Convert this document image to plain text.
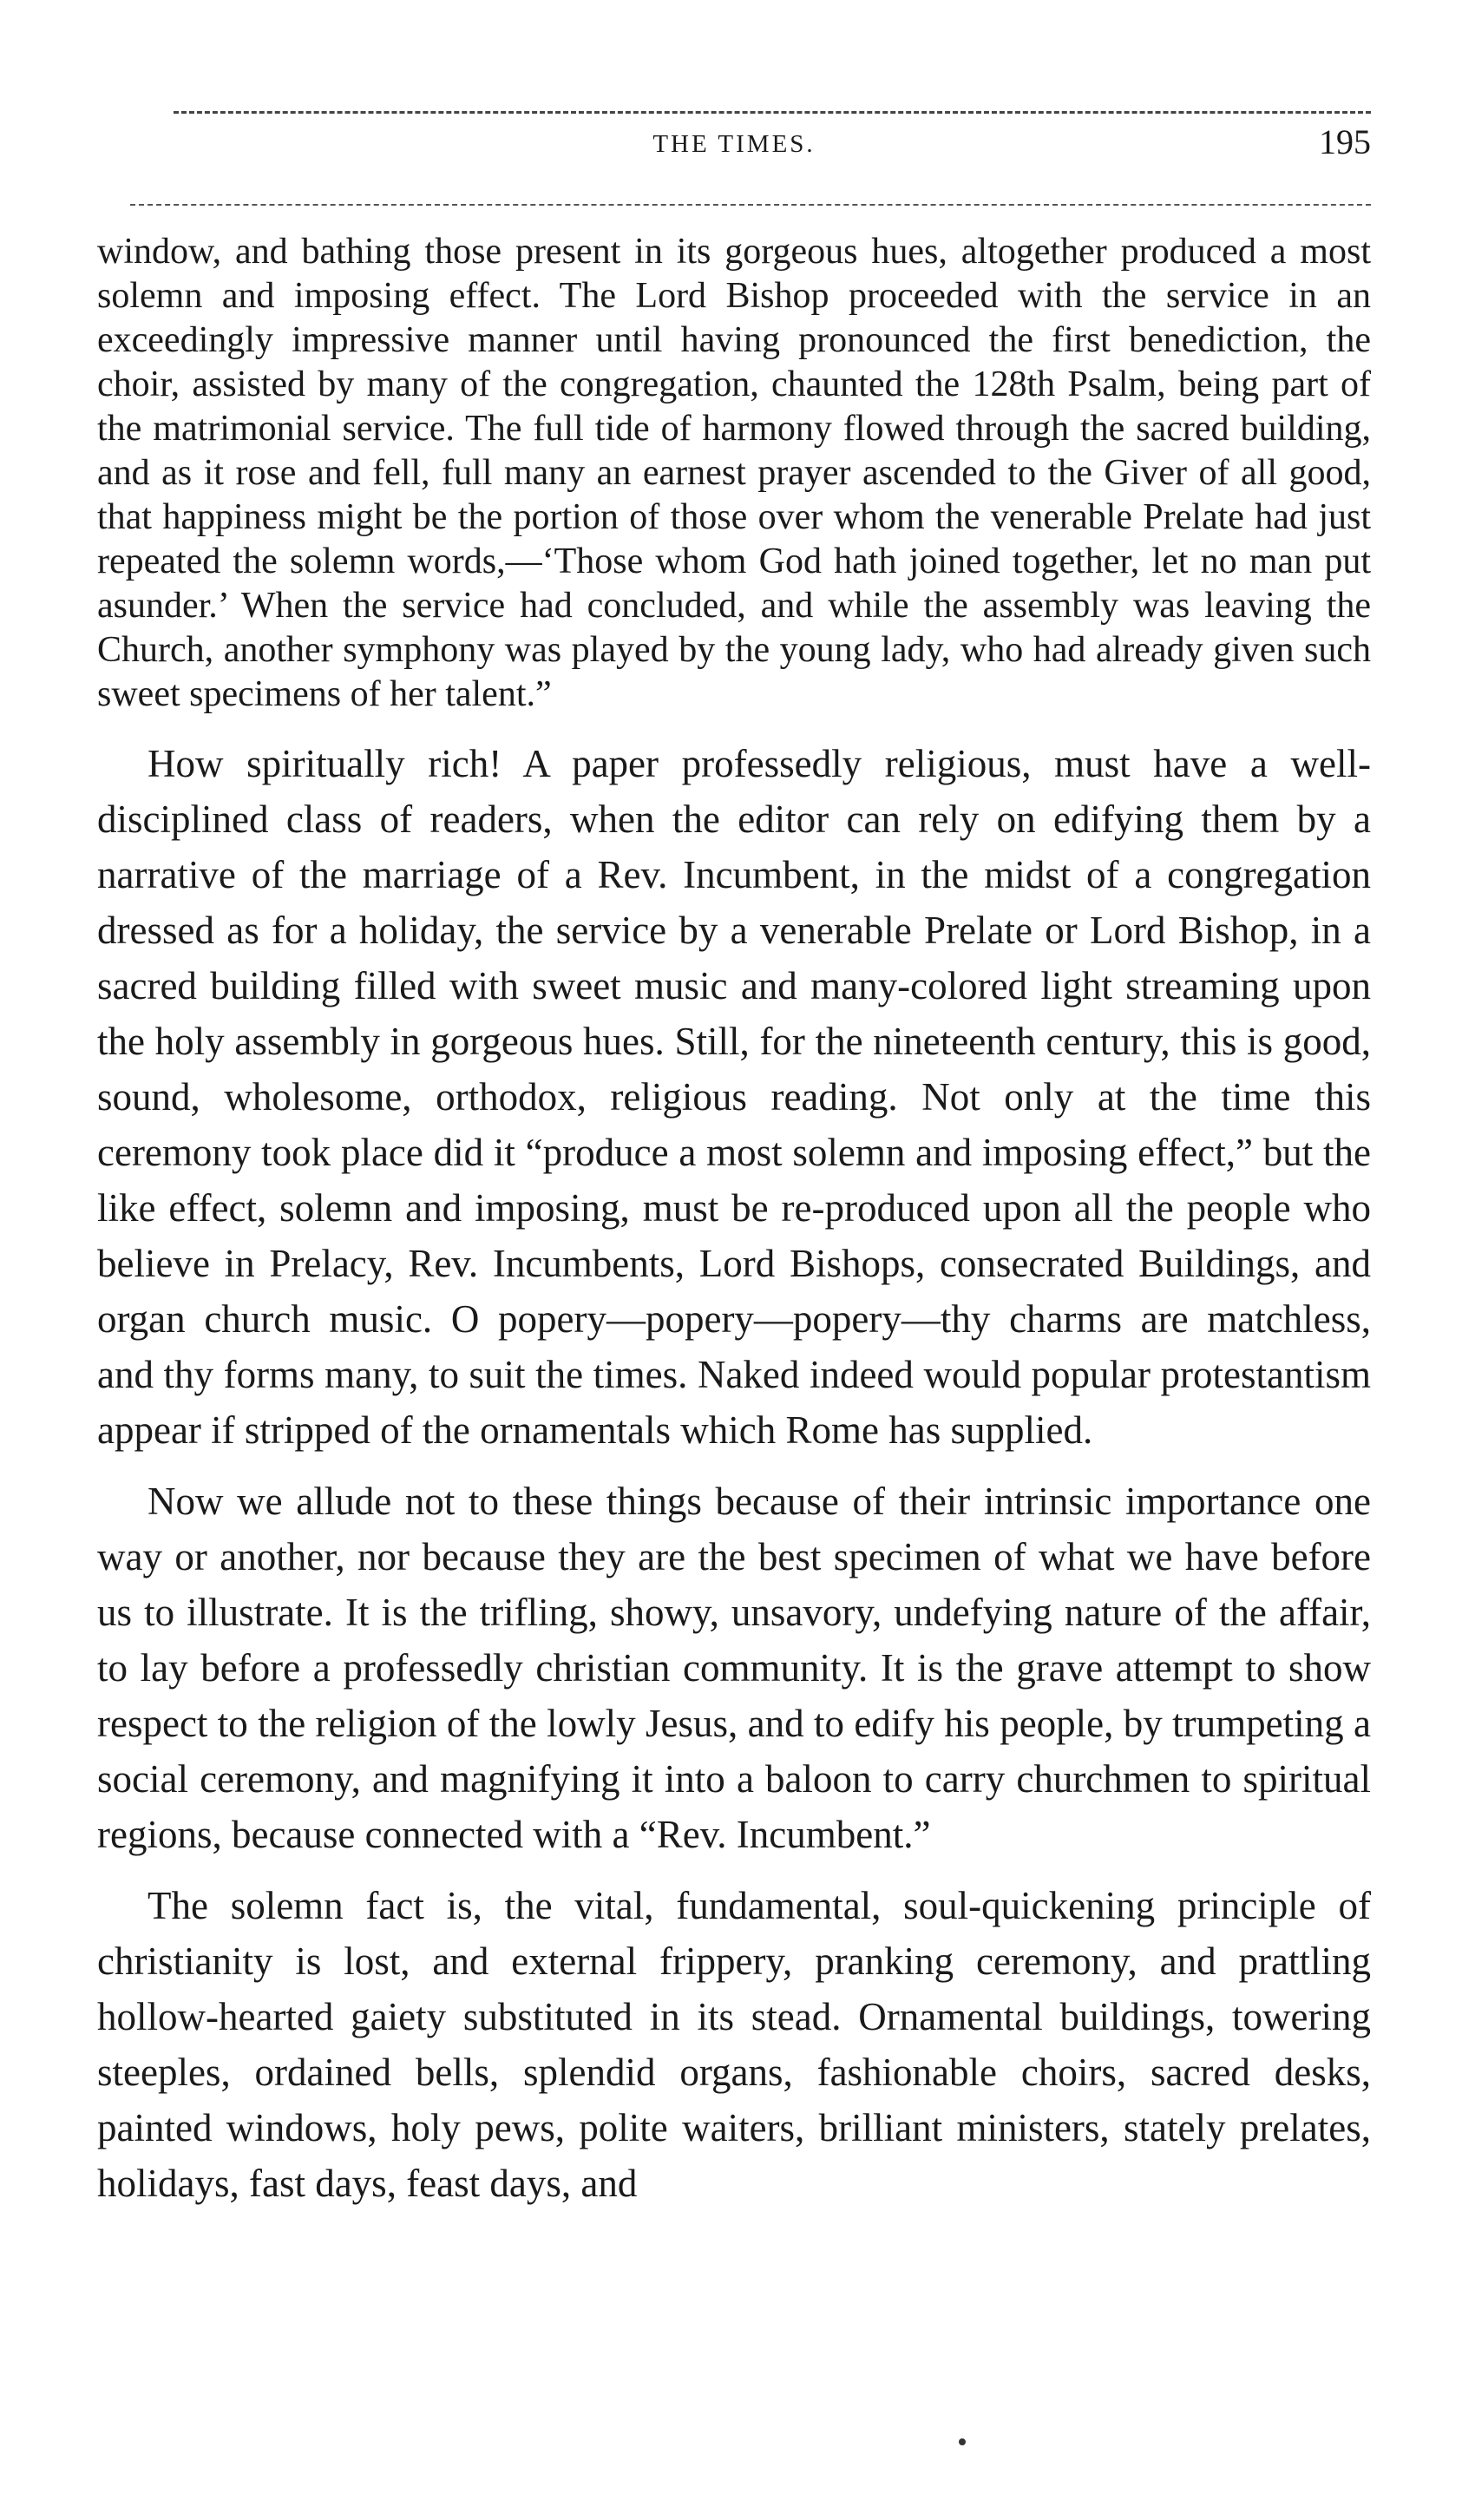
THE TIMES.	195

window, and bathing those present in its gorgeous hues, altogether produced a most solemn and imposing effect. The Lord Bishop proceeded with the service in an exceedingly impressive manner until having pronounced the first benediction, the choir, assisted by many of the congregation, chaunted the 128th Psalm, being part of the matrimonial service. The full tide of harmony flowed through the sacred building, and as it rose and fell, full many an earnest prayer ascended to the Giver of all good, that happiness might be the portion of those over whom the venerable Prelate had just repeated the solemn words,—‘Those whom God hath joined together, let no man put asunder.’ When the service had concluded, and while the assembly was leaving the Church, another symphony was played by the young lady, who had already given such sweet specimens of her talent.”

How spiritually rich! A paper professedly religious, must have a well-disciplined class of readers, when the editor can rely on edifying them by a narrative of the marriage of a Rev. Incumbent, in the midst of a congregation dressed as for a holiday, the service by a venerable Prelate or Lord Bishop, in a sacred building filled with sweet music and many-colored light streaming upon the holy assembly in gorgeous hues. Still, for the nineteenth century, this is good, sound, wholesome, orthodox, religious reading. Not only at the time this ceremony took place did it “produce a most solemn and imposing effect,” but the like effect, solemn and imposing, must be re-produced upon all the people who believe in Prelacy, Rev. Incumbents, Lord Bishops, consecrated Buildings, and organ church music. O popery—popery—popery—thy charms are matchless, and thy forms many, to suit the times. Naked indeed would popular protestantism appear if stripped of the ornamentals which Rome has supplied.

Now we allude not to these things because of their intrinsic importance one way or another, nor because they are the best specimen of what we have before us to illustrate. It is the trifling, showy, unsavory, undefying nature of the affair, to lay before a professedly christian community. It is the grave attempt to show respect to the religion of the lowly Jesus, and to edify his people, by trumpeting a social ceremony, and magnifying it into a baloon to carry churchmen to spiritual regions, because connected with a “Rev. Incumbent.”

The solemn fact is, the vital, fundamental, soul-quickening principle of christianity is lost, and external frippery, pranking ceremony, and prattling hollow-hearted gaiety substituted in its stead. Ornamental buildings, towering steeples, ordained bells, splendid organs, fashionable choirs, sacred desks, painted windows, holy pews, polite waiters, brilliant ministers, stately prelates, holidays, fast days, feast days, and
